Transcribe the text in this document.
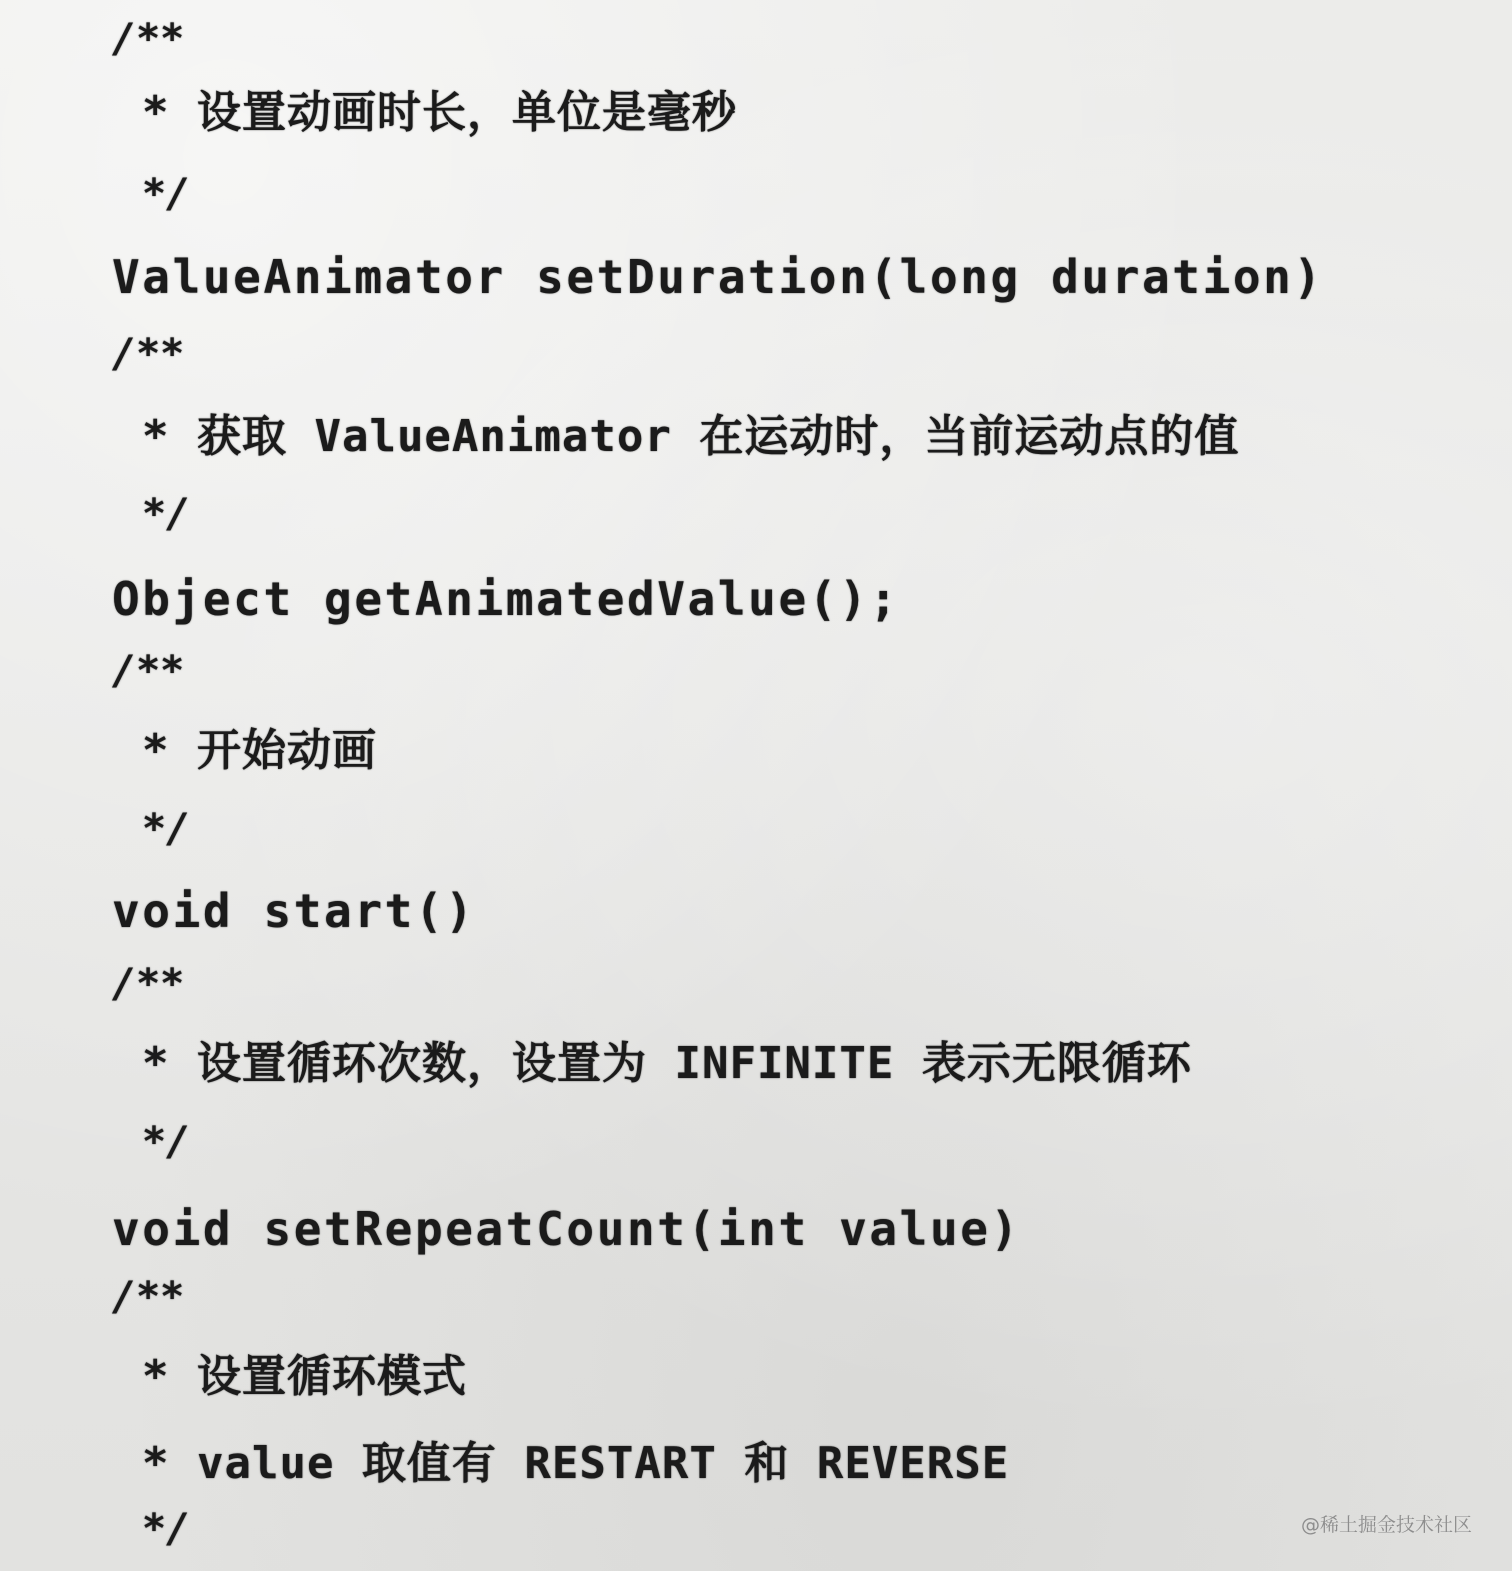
/**
* 设置动画时长，单位是毫秒
*/
ValueAnimator setDuration(long duration)
/**
* 获取 ValueAnimator 在运动时，当前运动点的值
*/
Object getAnimatedValue();
/**
* 开始动画
*/
void start()
/**
* 设置循环次数，设置为 INFINITE 表示无限循环
*/
void setRepeatCount(int value)
/**
* 设置循环模式
* value 取值有 RESTART 和 REVERSE
*/	@稀土掘金技术社区
